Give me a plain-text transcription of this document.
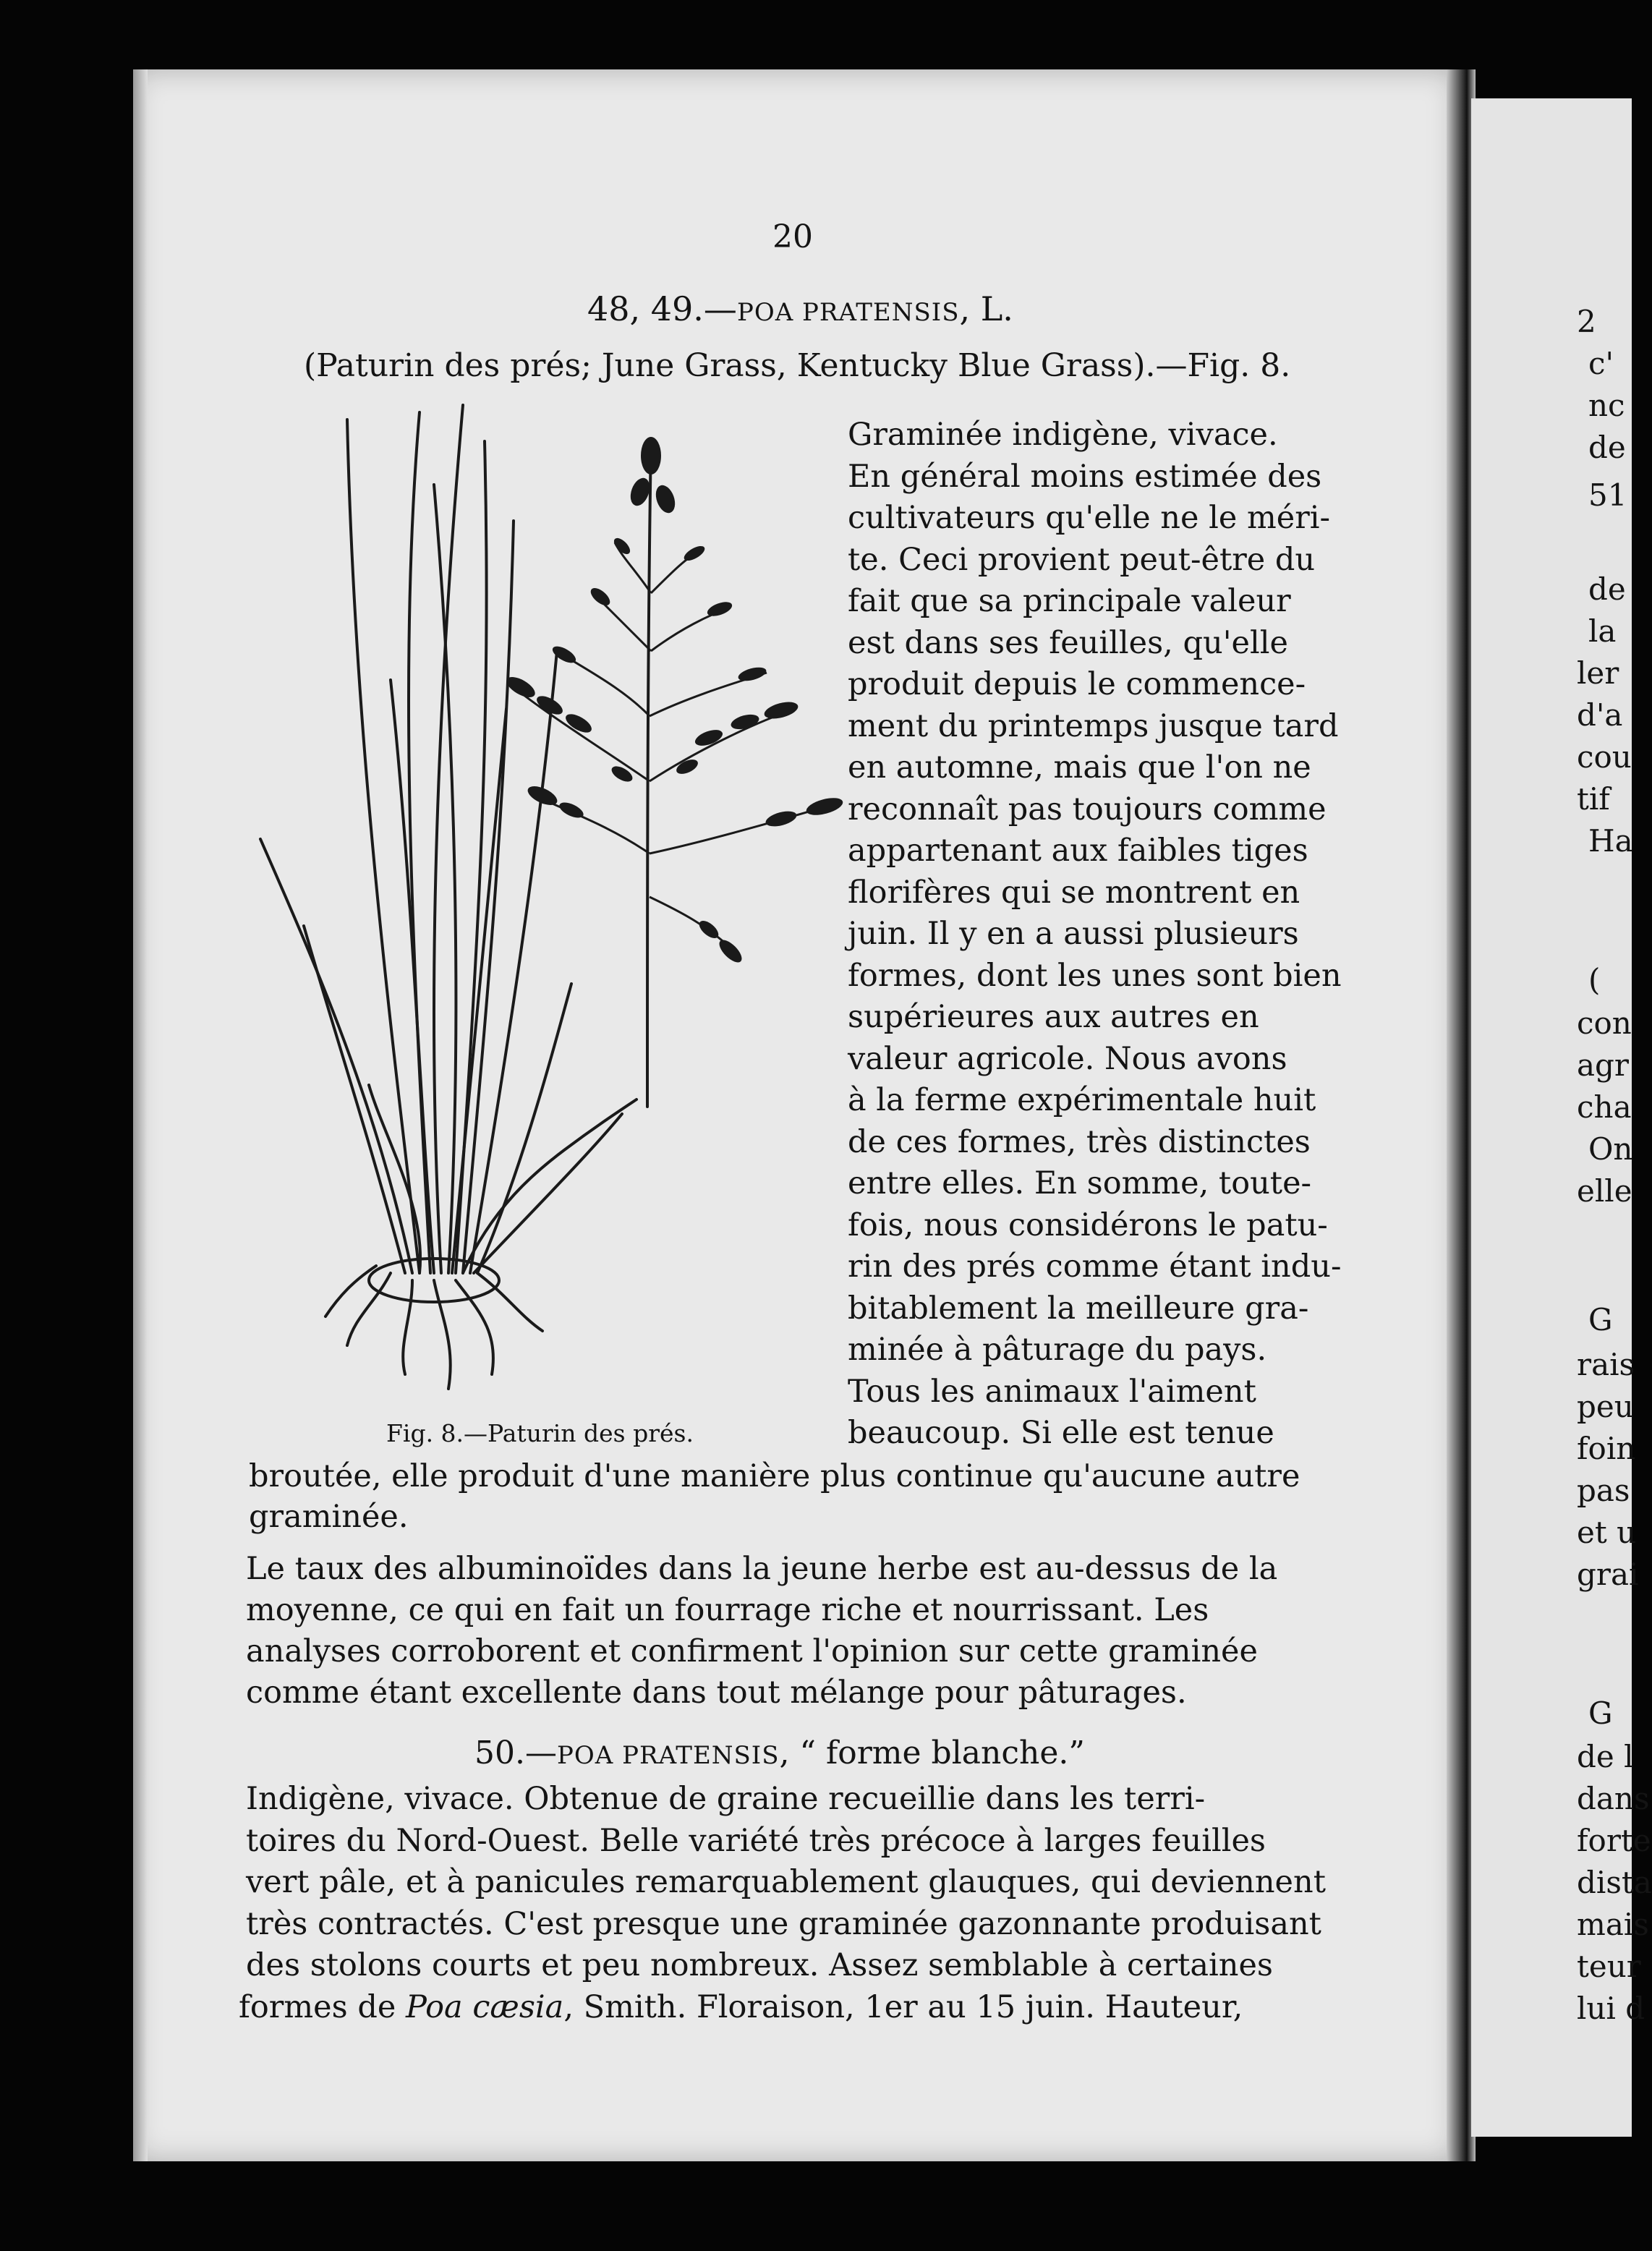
20
48, 49.—POA PRATENSIS, L.
(Paturin des prés; June Grass, Kentucky Blue Grass).—Fig. 8.
Graminée indigène, vivace.
En général moins estimée des
cultivateurs qu'elle ne le méri-
te. Ceci provient peut-être du
fait que sa principale valeur
est dans ses feuilles, qu'elle
produit depuis le commence-
ment du printemps jusque tard
en automne, mais que l'on ne
reconnaît pas toujours comme
appartenant aux faibles tiges
florifères qui se montrent en
juin. Il y en a aussi plusieurs
formes, dont les unes sont bien
supérieures aux autres en
valeur agricole. Nous avons
à la ferme expérimentale huit
de ces formes, très distinctes
entre elles. En somme, toute-
fois, nous considérons le patu-
rin des prés comme étant indu-
bitablement la meilleure gra-
minée à pâturage du pays.
Tous les animaux l'aiment
beaucoup. Si elle est tenue
Fig. 8.—Paturin des prés.
broutée, elle produit d'une manière plus continue qu'aucune autre
graminée.
Le taux des albuminoïdes dans la jeune herbe est au-dessus de la
moyenne, ce qui en fait un fourrage riche et nourrissant. Les
analyses corroborent et confirment l'opinion sur cette graminée
comme étant excellente dans tout mélange pour pâturages.
50.—POA PRATENSIS, “ forme blanche.”
Indigène, vivace. Obtenue de graine recueillie dans les terri-
toires du Nord-Ouest. Belle variété très précoce à larges feuilles
vert pâle, et à panicules remarquablement glauques, qui deviennent
très contractés. C'est presque une graminée gazonnante produisant
des stolons courts et peu nombreux. Assez semblable à certaines
formes de Poa cæsia, Smith. Floraison, 1er au 15 juin. Hauteur,
2
c'
nc
de
51
de
la
ler
d'a
cou
tif
Ha
(
con
agr
cha
On
elle
G
rais
peu
foin
pas
et u
grai
G
de l
dans
forte
dista
mais
teur
lui d
